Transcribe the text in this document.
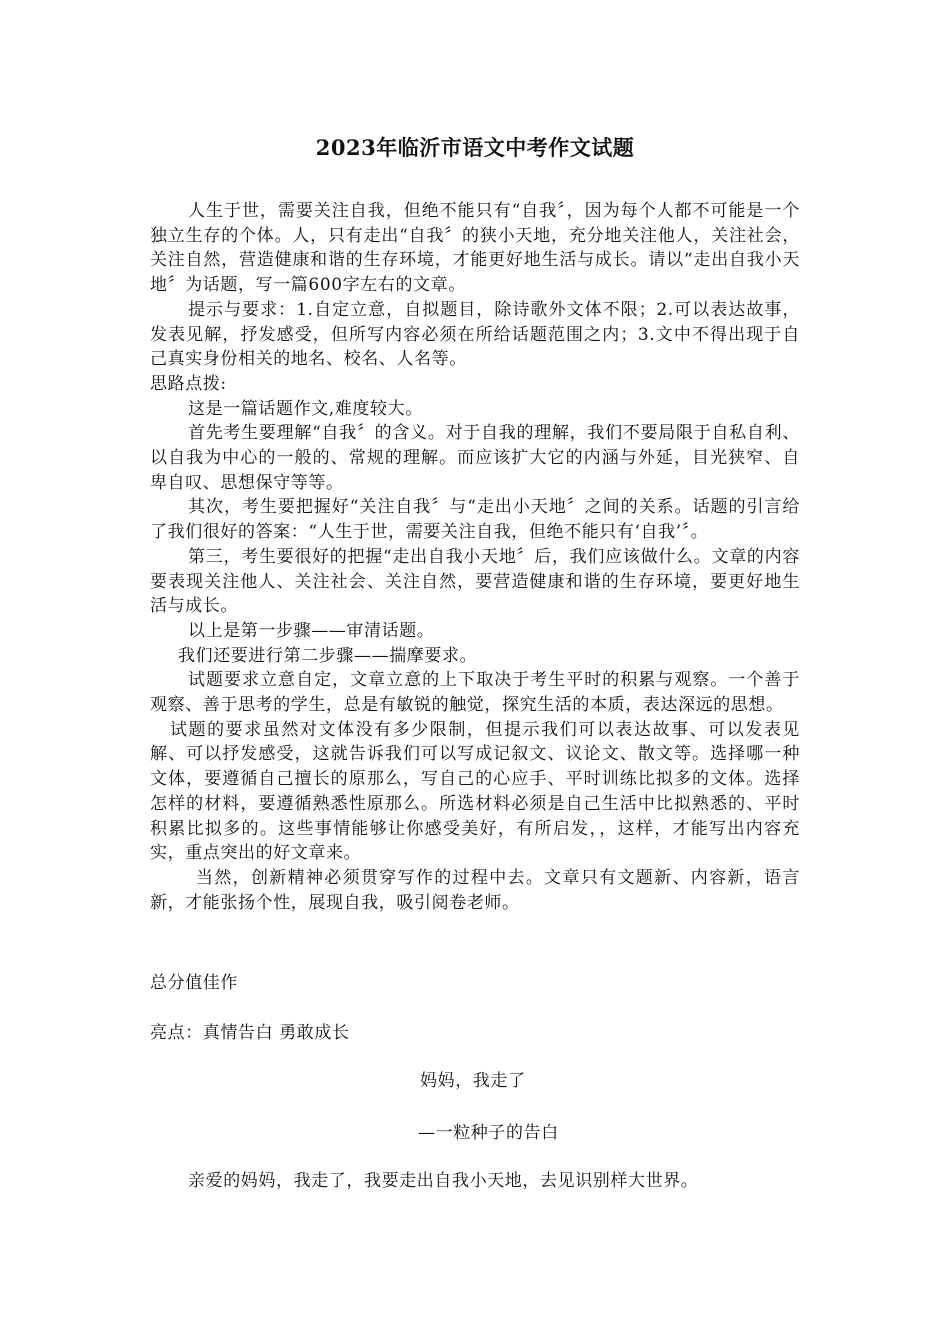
2023年临沂市语文中考作文试题

人生于世，需要关注自我，但绝不能只有“自我〞，因为每个人都不可能是一个独立生存的个体。人，只有走出“自我〞的狭小天地，充分地关注他人，关注社会，关注自然，营造健康和谐的生存环境，才能更好地生活与成长。请以“走出自我小天地〞为话题，写一篇600字左右的文章。

提示与要求：1.自定立意，自拟题目，除诗歌外文体不限；2.可以表达故事，发表见解，抒发感受，但所写内容必须在所给话题范围之内；3.文中不得出现于自己真实身份相关的地名、校名、人名等。

思路点拨:

这是一篇话题作文,难度较大。

首先考生要理解“自我〞的含义。对于自我的理解，我们不要局限于自私自利、以自我为中心的一般的、常规的理解。而应该扩大它的内涵与外延，目光狭窄、自卑自叹、思想保守等等。

其次，考生要把握好“关注自我〞与“走出小天地〞之间的关系。话题的引言给了我们很好的答案：“人生于世，需要关注自我，但绝不能只有‘自我’〞。

第三，考生要很好的把握“走出自我小天地〞后，我们应该做什么。文章的内容要表现关注他人、关注社会、关注自然，要营造健康和谐的生存环境，要更好地生活与成长。

以上是第一步骤——审清话题。

我们还要进行第二步骤——揣摩要求。

试题要求立意自定，文章立意的上下取决于考生平时的积累与观察。一个善于观察、善于思考的学生，总是有敏锐的触觉，探究生活的本质，表达深远的思想。

试题的要求虽然对文体没有多少限制，但提示我们可以表达故事、可以发表见解、可以抒发感受，这就告诉我们可以写成记叙文、议论文、散文等。选择哪一种文体，要遵循自己擅长的原那么，写自己的心应手、平时训练比拟多的文体。选择怎样的材料，要遵循熟悉性原那么。所选材料必须是自己生活中比拟熟悉的、平时积累比拟多的。这些事情能够让你感受美好，有所启发，，这样，才能写出内容充实，重点突出的好文章来。

当然，创新精神必须贯穿写作的过程中去。文章只有文题新、内容新，语言新，才能张扬个性，展现自我，吸引阅卷老师。

总分值佳作
亮点：真情告白 勇敢成长
妈妈，我走了
—一粒种子的告白
亲爱的妈妈，我走了，我要走出自我小天地，去见识别样大世界。
